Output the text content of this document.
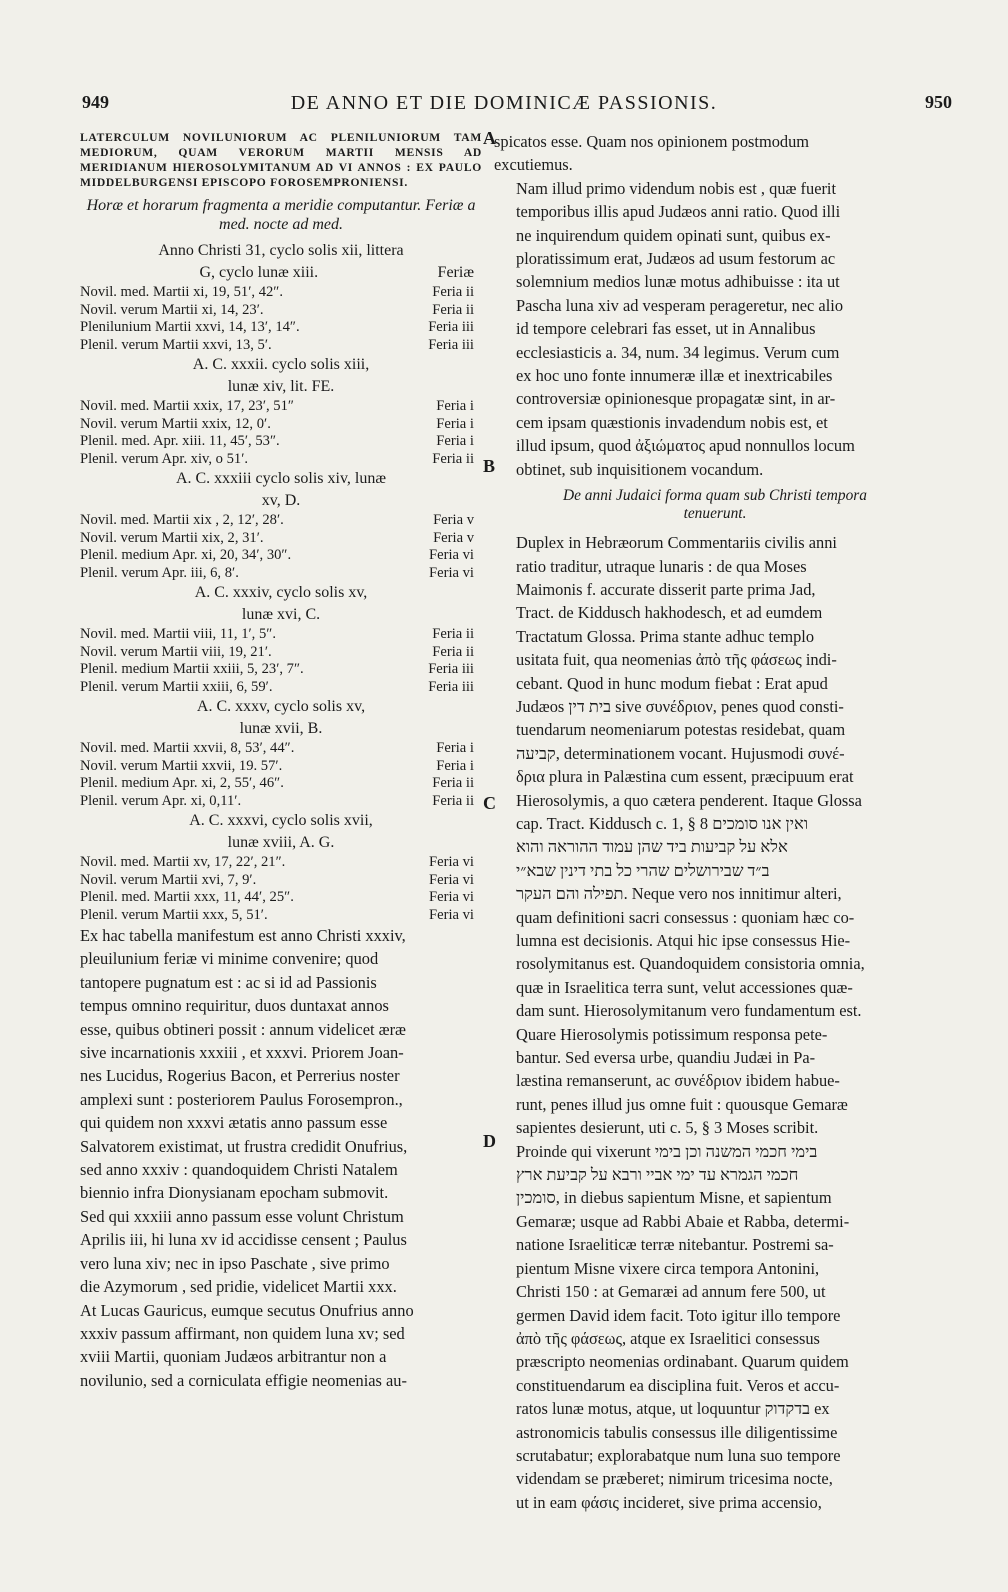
949	DE ANNO ET DIE DOMINICÆ PASSIONIS.	950
A
B
C
D
LATERCULUM NOVILUNIORUM AC PLENILUNIORUM TAM MEDIORUM, QUAM VERORUM MARTII MENSIS AD MERIDIANUM HIEROSOLYMITANUM AD VI ANNOS : EX PAULO MIDDELBURGENSI EPISCOPO FOROSEMPRONIENSI.
Horæ et horarum fragmenta a meridie computantur. Feriæ a med. nocte ad med.
Anno Christi 31, cyclo solis xii, littera
G, cyclo lunæ xiii.	Feriæ
Novil. med. Martii xi, 19, 51′, 42″.	Feria ii
Novil. verum Martii xi, 14, 23′.	Feria ii
Plenilunium Martii xxvi, 14, 13′, 14″.	Feria iii
Plenil. verum Martii xxvi, 13, 5′.	Feria iii
A. C. xxxii. cyclo solis xiii,
lunæ xiv, lit. FE.
Novil. med. Martii xxix, 17, 23′, 51″	Feria i
Novil. verum Martii xxix, 12, 0′.	Feria i
Plenil. med. Apr. xiii. 11, 45′, 53″.	Feria i
Plenil. verum Apr. xiv, o 51′.	Feria ii
A. C. xxxiii cyclo solis xiv, lunæ
xv, D.
Novil. med. Martii xix , 2, 12′, 28′.	Feria v
Novil. verum Martii xix, 2, 31′.	Feria v
Plenil. medium Apr. xi, 20, 34′, 30″.	Feria vi
Plenil. verum Apr. iii, 6, 8′.	Feria vi
A. C. xxxiv, cyclo solis xv,
lunæ xvi, C.
Novil. med. Martii viii, 11, 1′, 5″.	Feria ii
Novil. verum Martii viii, 19, 21′.	Feria ii
Plenil. medium Martii xxiii, 5, 23′, 7″.	Feria iii
Plenil. verum Martii xxiii, 6, 59′.	Feria iii
A. C. xxxv, cyclo solis xv,
lunæ xvii, B.
Novil. med. Martii xxvii, 8, 53′, 44″.	Feria i
Novil. verum Martii xxvii, 19. 57′.	Feria i
Plenil. medium Apr. xi, 2, 55′, 46″.	Feria ii
Plenil. verum Apr. xi, 0,11′.	Feria ii
A. C. xxxvi, cyclo solis xvii,
lunæ xviii, A. G.
Novil. med. Martii xv, 17, 22′, 21″.	Feria vi
Novil. verum Martii xvi, 7, 9′.	Feria vi
Plenil. med. Martii xxx, 11, 44′, 25″.	Feria vi
Plenil. verum Martii xxx, 5, 51′.	Feria vi
Ex hac tabella manifestum est anno Christi xxxiv,
pleuilunium feriæ vi minime convenire; quod
tantopere pugnatum est : ac si id ad Passionis
tempus omnino requiritur, duos duntaxat annos
esse, quibus obtineri possit : annum videlicet æræ
sive incarnationis xxxiii , et xxxvi. Priorem Joan-
nes Lucidus, Rogerius Bacon, et Perrerius noster
amplexi sunt : posteriorem Paulus Forosempron.,
qui quidem non xxxvi ætatis anno passum esse
Salvatorem existimat, ut frustra credidit Onufrius,
sed anno xxxiv : quandoquidem Christi Natalem
biennio infra Dionysianam epocham submovit.
Sed qui xxxiii anno passum esse volunt Christum
Aprilis iii, hi luna xv id accidisse censent ; Paulus
vero luna xiv; nec in ipso Paschate , sive primo
die Azymorum , sed pridie, videlicet Martii xxx.
At Lucas Gauricus, eumque secutus Onufrius anno
xxxiv passum affirmant, non quidem luna xv; sed
xviii Martii, quoniam Judæos arbitrantur non a
novilunio, sed a corniculata effigie neomenias au-
spicatos esse. Quam nos opinionem postmodum
excutiemus.
Nam illud primo videndum nobis est , quæ fuerit
temporibus illis apud Judæos anni ratio. Quod illi
ne inquirendum quidem opinati sunt, quibus ex-
ploratissimum erat, Judæos ad usum festorum ac
solemnium medios lunæ motus adhibuisse : ita ut
Pascha luna xiv ad vesperam perageretur, nec alio
id tempore celebrari fas esset, ut in Annalibus
ecclesiasticis a. 34, num. 34 legimus. Verum cum
ex hoc uno fonte innumeræ illæ et inextricabiles
controversiæ opinionesque propagatæ sint, in ar-
cem ipsam quæstionis invadendum nobis est, et
illud ipsum, quod ἀξιώματος apud nonnullos locum
obtinet, sub inquisitionem vocandum.
De anni Judaici forma quam sub Christi tempora
tenuerunt.
Duplex in Hebræorum Commentariis civilis anni
ratio traditur, utraque lunaris : de qua Moses
Maimonis f. accurate disserit parte prima Jad,
Tract. de Kiddusch hakhodesch, et ad eumdem
Tractatum Glossa. Prima stante adhuc templo
usitata fuit, qua neomenias ἀπὸ τῆς φάσεως indi-
cebant. Quod in hunc modum fiebat : Erat apud
Judæos בית דין sive συνέδριον, penes quod consti-
tuendarum neomeniarum potestas residebat, quam
קביעה, determinationem vocant. Hujusmodi συνέ-
δρια plura in Palæstina cum essent, præcipuum erat
Hierosolymis, a quo cætera penderent. Itaque Glossa
cap. Tract. Kiddusch c. 1, § 8 ואין אנו סומכים
אלא על קביעות ביד שהן עמוד ההוראה והוא
ב״ד שבירושלים שהרי כל בתי דינין שבא״י
תפילה והם העקר. Neque vero nos innitimur alteri,
quam definitioni sacri consessus : quoniam hæc co-
lumna est decisionis. Atqui hic ipse consessus Hie-
rosolymitanus est. Quandoquidem consistoria omnia,
quæ in Israelitica terra sunt, velut accessiones quæ-
dam sunt. Hierosolymitanum vero fundamentum est.
Quare Hierosolymis potissimum responsa pete-
bantur. Sed eversa urbe, quandiu Judæi in Pa-
læstina remanserunt, ac συνέδριον ibidem habue-
runt, penes illud jus omne fuit : quousque Gemaræ
sapientes desierunt, uti c. 5, § 3 Moses scribit.
Proinde qui vixerunt בימי חכמי המשנה וכן בימי
חכמי הגמרא עד ימי אביי ורבא על קביעת ארץ
סומכין, in diebus sapientum Misne, et sapientum
Gemaræ; usque ad Rabbi Abaie et Rabba, determi-
natione Israeliticæ terræ nitebantur. Postremi sa-
pientum Misne vixere circa tempora Antonini,
Christi 150 : at Gemaræi ad annum fere 500, ut
germen David idem facit. Toto igitur illo tempore
ἀπὸ τῆς φάσεως, atque ex Israelitici consessus
præscripto neomenias ordinabant. Quarum quidem
constituendarum ea disciplina fuit. Veros et accu-
ratos lunæ motus, atque, ut loquuntur בדקדוק ex
astronomicis tabulis consessus ille diligentissime
scrutabatur; explorabatque num luna suo tempore
videndam se præberet; nimirum tricesima nocte,
ut in eam φάσις incideret, sive prima accensio,
